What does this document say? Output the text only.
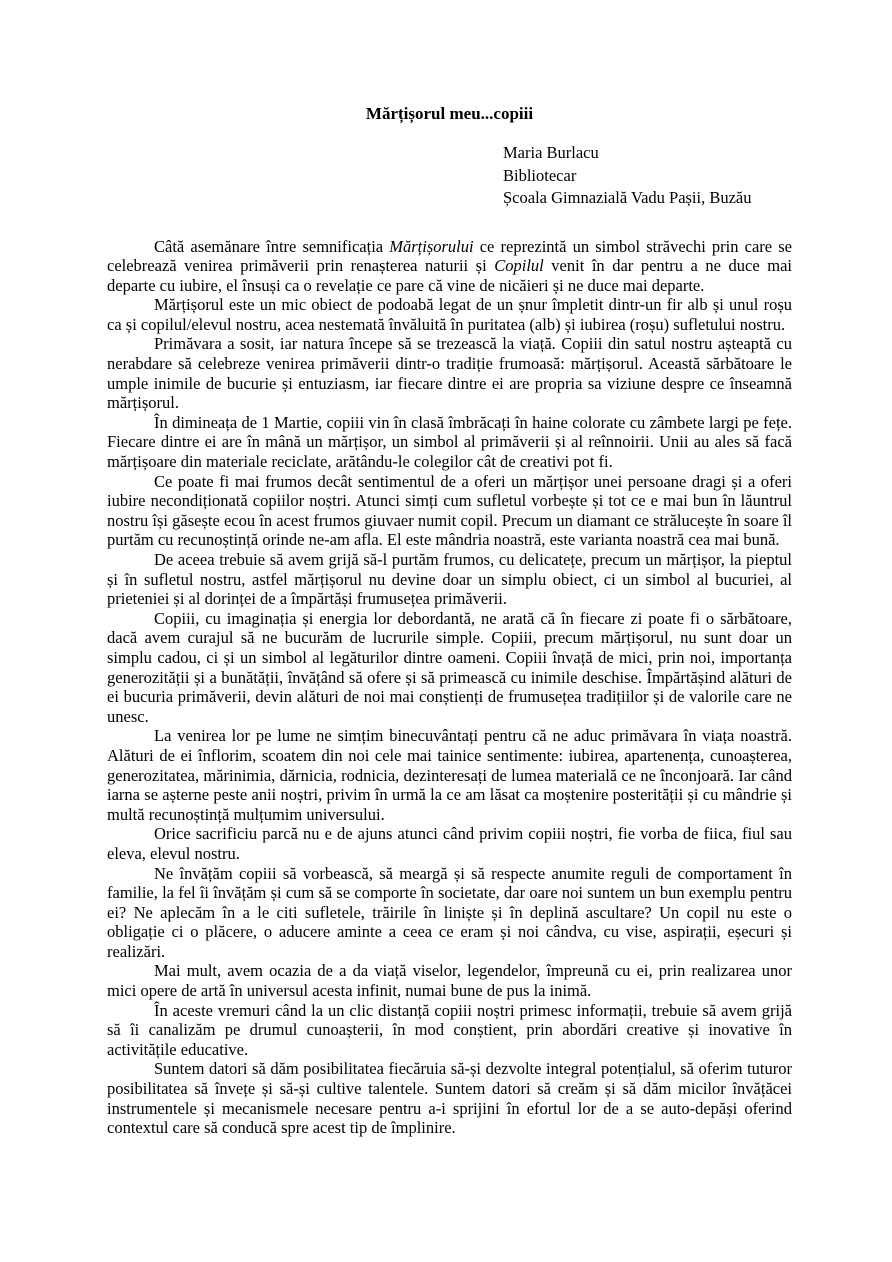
Mărțișorul meu...copiii
Maria Burlacu
Bibliotecar
Școala Gimnazială Vadu Pașii, Buzău

Câtă asemănare între semnificația Mărțișorului ce reprezintă un simbol străvechi prin care se celebrează venirea primăverii prin renașterea naturii și Copilul venit în dar pentru a ne duce mai departe cu iubire, el însuși ca o revelație ce pare că vine de nicăieri și ne duce mai departe.

Mărțișorul este un mic obiect de podoabă legat de un șnur împletit dintr-un fir alb și unul roșu ca și copilul/elevul nostru, acea nestemată învăluită în puritatea (alb) și iubirea (roșu) sufletului nostru.

Primăvara a sosit, iar natura începe să se trezească la viață. Copiii din satul nostru așteaptă cu nerabdare să celebreze venirea primăverii dintr-o tradiție frumoasă: mărțișorul. Această sărbătoare le umple inimile de bucurie și entuziasm, iar fiecare dintre ei are propria sa viziune despre ce înseamnă mărțișorul.

În dimineața de 1 Martie, copiii vin în clasă îmbrăcați în haine colorate cu zâmbete largi pe fețe. Fiecare dintre ei are în mână un mărțișor, un simbol al primăverii și al reînnoirii. Unii au ales să facă mărțișoare din materiale reciclate, arătându-le colegilor cât de creativi pot fi.

Ce poate fi mai frumos decât sentimentul de a oferi un mărțișor unei persoane dragi și a oferi iubire necondiționată copiilor noștri. Atunci simți cum sufletul vorbește și tot ce e mai bun în lăuntrul nostru își găsește ecou în acest frumos giuvaer numit copil. Precum un diamant ce strălucește în soare îl purtăm cu recunoștință orinde ne-am afla. El este mândria noastră, este varianta noastră cea mai bună.

De aceea trebuie să avem grijă să-l purtăm frumos, cu delicatețe, precum un mărțișor, la pieptul și în sufletul nostru, astfel mărțișorul nu devine doar un simplu obiect, ci un simbol al bucuriei, al prieteniei și al dorinței de a împărtăși frumusețea primăverii.

Copiii, cu imaginația și energia lor debordantă, ne arată că în fiecare zi poate fi o sărbătoare, dacă avem curajul să ne bucurăm de lucrurile simple. Copiii, precum mărțișorul, nu sunt doar un simplu cadou, ci și un simbol al legăturilor dintre oameni. Copiii învață de mici, prin noi, importanța generozității și a bunătății, învățând să ofere și să primească cu inimile deschise. Împărtășind alături de ei bucuria primăverii, devin alături de noi mai conștienți de frumusețea tradițiilor și de valorile care ne unesc.

La venirea lor pe lume ne simțim binecuvântați pentru că ne aduc primăvara în viața noastră. Alături de ei înflorim, scoatem din noi cele mai tainice sentimente: iubirea, apartenența, cunoașterea, generozitatea, mărinimia, dărnicia, rodnicia, dezinteresați de lumea materială ce ne înconjoară. Iar când iarna se așterne peste anii noștri, privim în urmă la ce am lăsat ca moștenire posterității și cu mândrie și multă recunoștință mulțumim universului.

Orice sacrificiu parcă nu e de ajuns atunci când privim copiii noștri, fie vorba de fiica, fiul sau eleva, elevul nostru.

Ne învățăm copiii să vorbească, să meargă și să respecte anumite reguli de comportament în familie, la fel îi învățăm și cum să se comporte în societate, dar oare noi suntem un bun exemplu pentru ei? Ne aplecăm în a le citi sufletele, trăirile în liniște și în deplină ascultare? Un copil nu este o obligație ci o plăcere, o aducere aminte a ceea ce eram și noi cândva, cu vise, aspirații, eșecuri și realizări.

Mai mult, avem ocazia de a da viață viselor, legendelor, împreună cu ei, prin realizarea unor mici opere de artă în universul acesta infinit, numai bune de pus la inimă.

În aceste vremuri când la un clic distanță copiii noștri primesc informații, trebuie să avem grijă să îi canalizăm pe drumul cunoașterii, în mod conștient, prin abordări creative și inovative în activitățile educative.

Suntem datori să dăm posibilitatea fiecăruia să-și dezvolte integral potențialul, să oferim tuturor posibilitatea să învețe și să-și cultive talentele. Suntem datori să creăm și să dăm micilor învățăcei instrumentele și mecanismele necesare pentru a-i sprijini în efortul lor de a se auto-depăși oferind contextul care să conducă spre acest tip de împlinire.
